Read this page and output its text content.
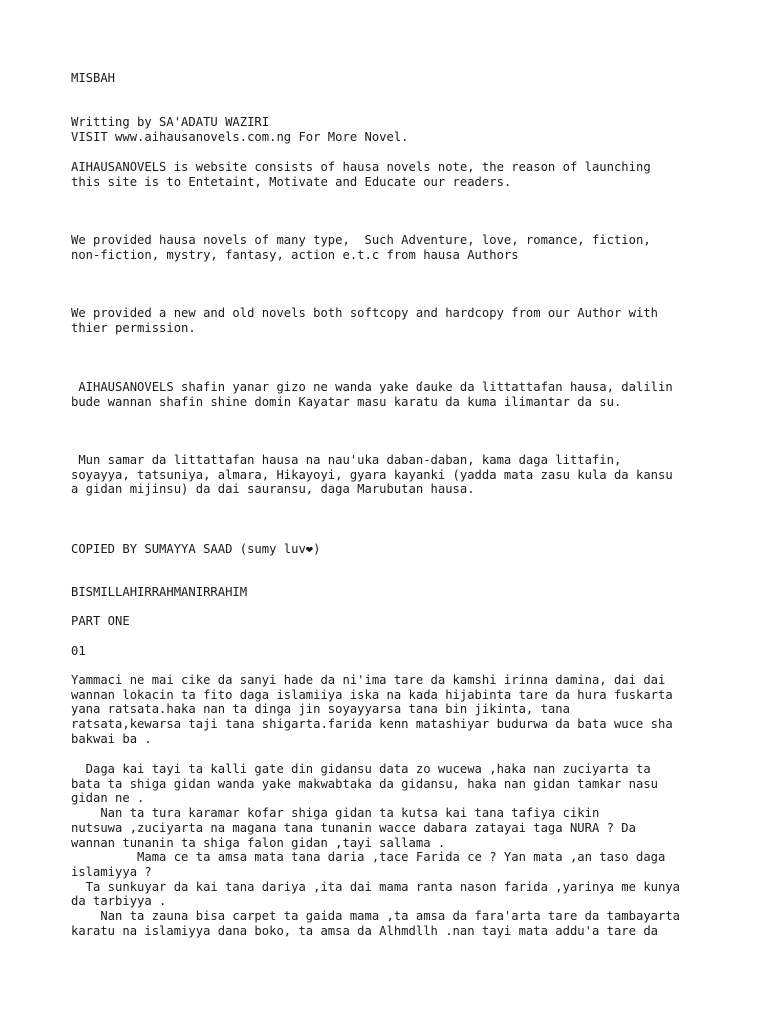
MISBAH

Writting by SA'ADATU WAZIRI

VISIT www.aihausanovels.com.ng For More Novel.

AIHAUSANOVELS is website consists of hausa novels note, the reason of launching
this site is to Entetaint, Motivate and Educate our readers.

We provided hausa novels of many type,  Such Adventure, love, romance, fiction,
non-fiction, mystry, fantasy, action e.t.c from hausa Authors

We provided a new and old novels both softcopy and hardcopy from our Author with
thier permission.

AIHAUSANOVELS shafin yanar gizo ne wanda yake ɗauke da littattafan hausa, dalilin
bude wannan shafin shine domin Kayatar masu karatu da kuma ilimantar da su.

Mun samar da littattafan hausa na nau'uka daban-daban, kama daga littafin,
soyayya, tatsuniya, almara, Hikayoyi, gyara kayanki (yadda mata zasu kula da kansu
a gidan mijinsu) da dai sauransu, daga Marubutan hausa.

COPIED BY SUMAYYA SAAD (sumy luv❤)

BISMILLAHIRRAHMANIRRAHIM

PART ONE

01

Yammaci ne mai cike da sanyi hade da ni'ima tare da kamshi irinna damina, dai dai
wannan lokacin ta fito daga islamiiya iska na kada hijabinta tare da hura fuskarta
yana ratsata.haka nan ta dinga jin soyayyarsa tana bin jikinta, tana
ratsata,kewarsa taji tana shigarta.farida kenn matashiyar budurwa da bata wuce sha
bakwai ba .

Daga kai tayi ta kalli gate din gidansu data zo wucewa ,haka nan zuciyarta ta
bata ta shiga gidan wanda yake makwabtaka da gidansu, haka nan gidan tamkar nasu
gidan ne .
Nan ta tura karamar kofar shiga gidan ta kutsa kai tana tafiya cikin
nutsuwa ,zuciyarta na magana tana tunanin wacce dabara zatayai taga NURA ? Da
wannan tunanin ta shiga falon gidan ,tayi sallama .
Mama ce ta amsa mata tana daria ,tace Farida ce ? Yan mata ,an taso daga
islamiyya ?
Ta sunkuyar da kai tana dariya ,ita dai mama ranta nason farida ,yarinya me kunya
da tarbiyya .
Nan ta zauna bisa carpet ta gaida mama ,ta amsa da fara'arta tare da tambayarta
karatu na islamiyya dana boko, ta amsa da Alhmdllh .nan tayi mata addu'a tare da
